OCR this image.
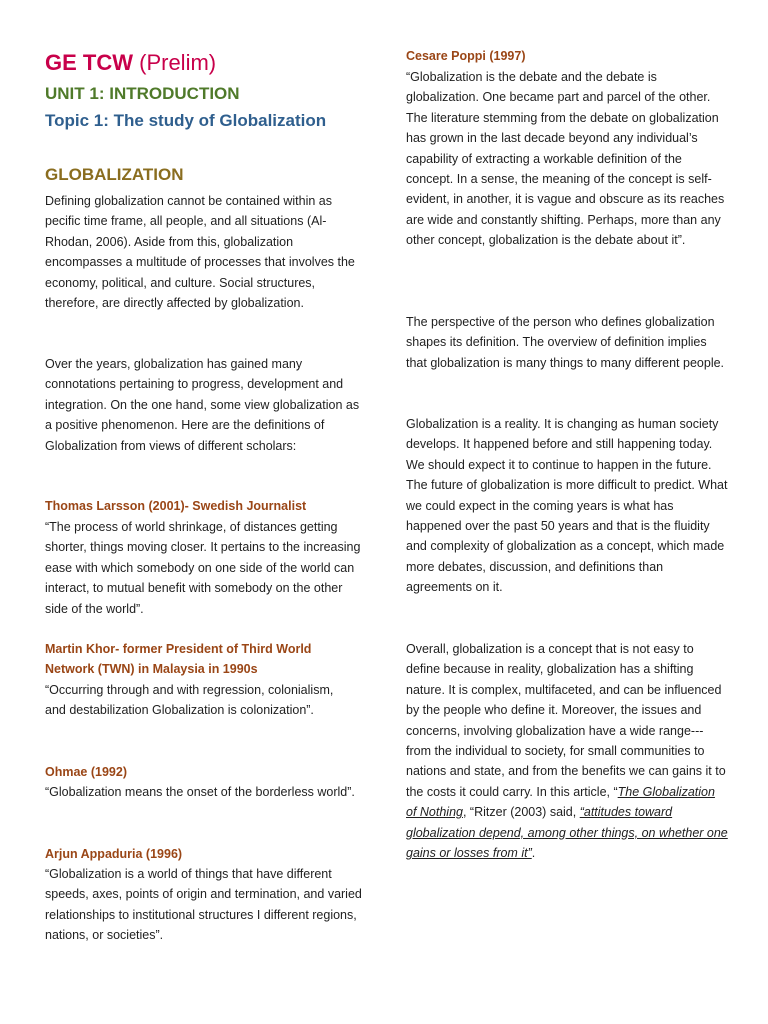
GE TCW (Prelim)
UNIT 1: INTRODUCTION
Topic 1: The study of Globalization
GLOBALIZATION

Defining globalization cannot be contained within as pecific time frame, all people, and all situations (Al-Rhodan, 2006). Aside from this, globalization encompasses a multitude of processes that involves the economy, political, and culture. Social structures, therefore, are directly affected by globalization.

Over the years, globalization has gained many connotations pertaining to progress, development and integration. On the one hand, some view globalization as a positive phenomenon. Here are the definitions of Globalization from views of different scholars:

Thomas Larsson (2001)- Swedish Journalist

“The process of world shrinkage, of distances getting shorter, things moving closer. It pertains to the increasing ease with which somebody on one side of the world can interact, to mutual benefit with somebody on the other side of the world”.

Martin Khor- former President of Third World Network (TWN) in Malaysia in 1990s

“Occurring through and with regression, colonialism, and destabilization Globalization is colonization”.

Ohmae (1992)

“Globalization means the onset of the borderless world”.

Arjun Appaduria (1996)

“Globalization is a world of things that have different speeds, axes, points of origin and termination, and varied relationships to institutional structures I different regions, nations, or societies”.

Cesare Poppi (1997)

“Globalization is the debate and the debate is globalization. One became part and parcel of the other. The literature stemming from the debate on globalization has grown in the last decade beyond any individual’s capability of extracting a workable definition of the concept. In a sense, the meaning of the concept is self-evident, in another, it is vague and obscure as its reaches are wide and constantly shifting. Perhaps, more than any other concept, globalization is the debate about it”.

The perspective of the person who defines globalization shapes its definition. The overview of definition implies that globalization is many things to many different people.

Globalization is a reality. It is changing as human society develops. It happened before and still happening today. We should expect it to continue to happen in the future. The future of globalization is more difficult to predict. What we could expect in the coming years is what has happened over the past 50 years and that is the fluidity and complexity of globalization as a concept, which made more debates, discussion, and definitions than agreements on it.

Overall, globalization is a concept that is not easy to define because in reality, globalization has a shifting nature. It is complex, multifaceted, and can be influenced by the people who define it. Moreover, the issues and concerns, involving globalization have a wide range--- from the individual to society, for small communities to nations and state, and from the benefits we can gains it to the costs it could carry. In this article, “The Globalization of Nothing, “Ritzer (2003) said, “attitudes toward globalization depend, among other things, on whether one gains or losses from it”.
